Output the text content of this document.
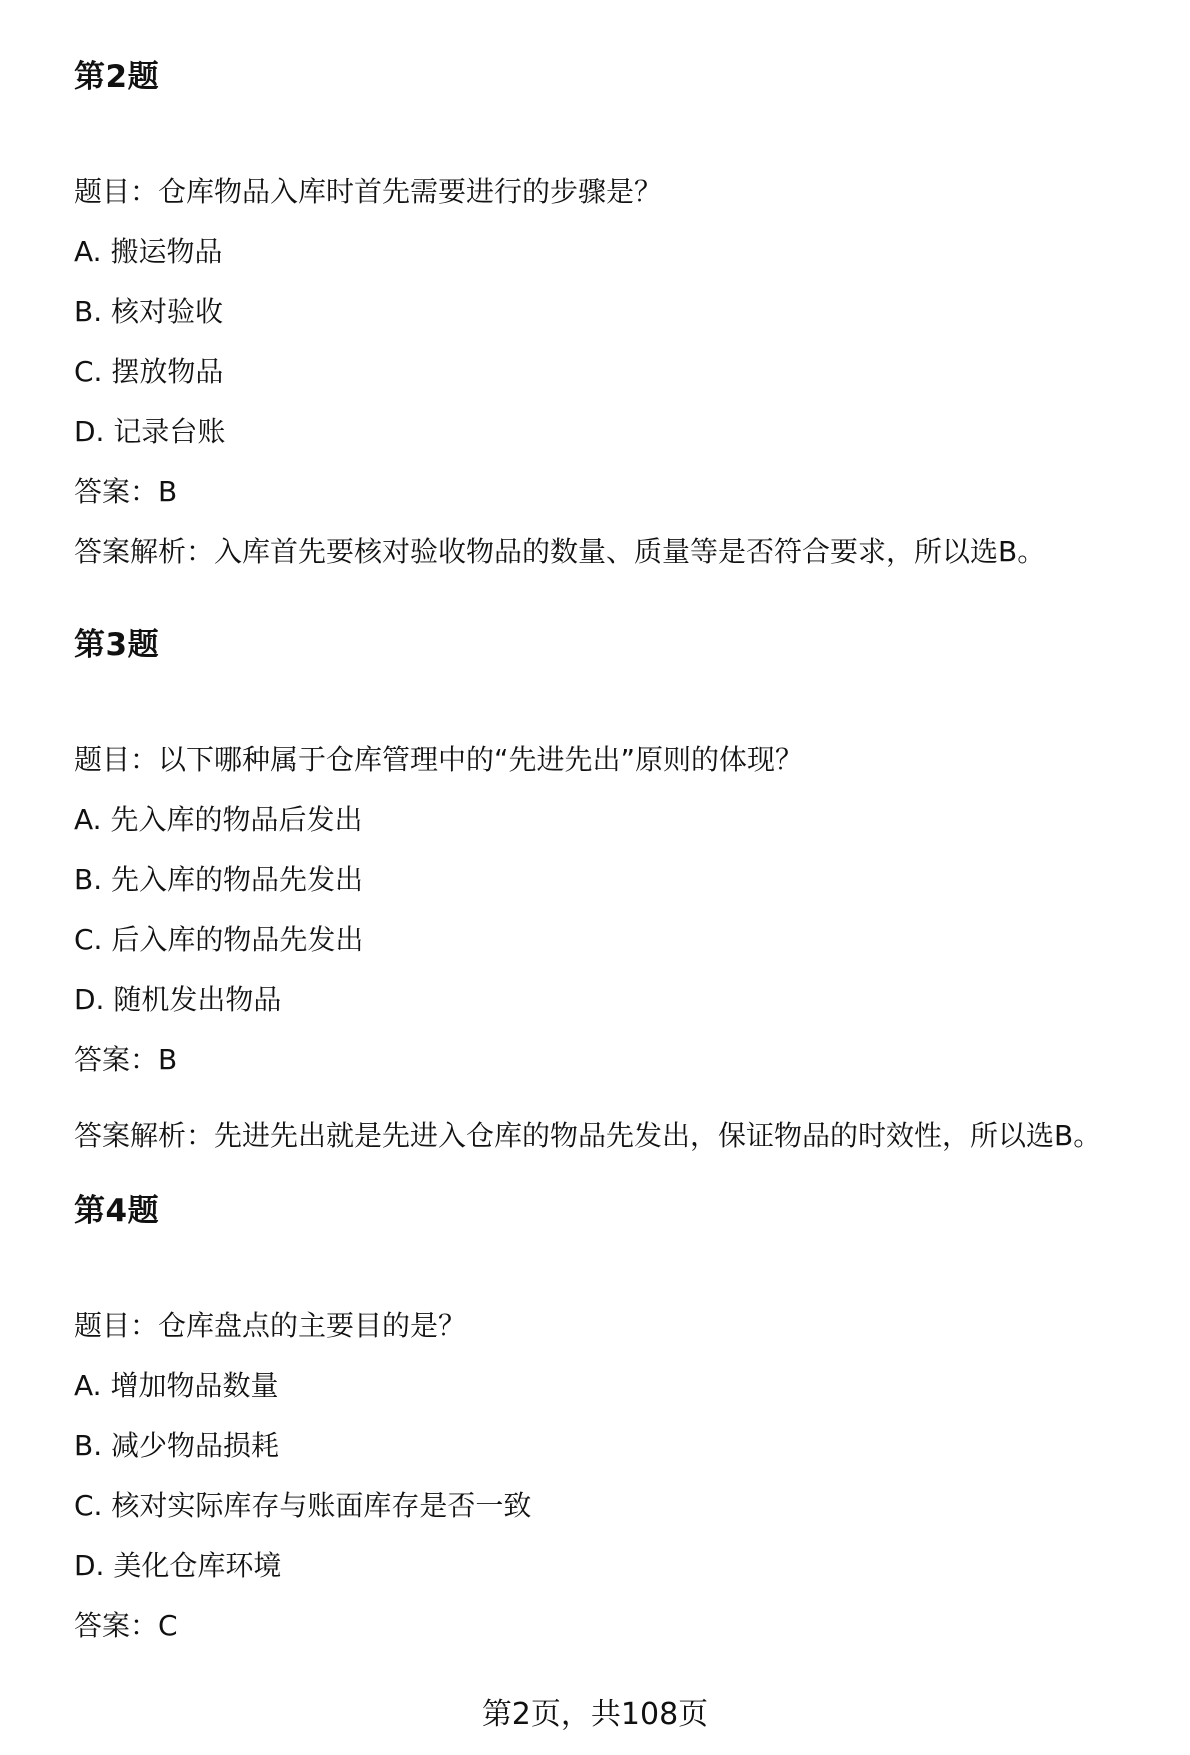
第2题

题目：仓库物品入库时首先需要进行的步骤是？

A. 搬运物品

B. 核对验收

C. 摆放物品

D. 记录台账

答案：B

答案解析：入库首先要核对验收物品的数量、质量等是否符合要求，所以选B。

第3题

题目：以下哪种属于仓库管理中的“先进先出”原则的体现？

A. 先入库的物品后发出

B. 先入库的物品先发出

C. 后入库的物品先发出

D. 随机发出物品

答案：B

答案解析：先进先出就是先进入仓库的物品先发出，保证物品的时效性，所以选B。

第4题

题目：仓库盘点的主要目的是？

A. 增加物品数量

B. 减少物品损耗

C. 核对实际库存与账面库存是否一致

D. 美化仓库环境

答案：C

第2页，共108页
